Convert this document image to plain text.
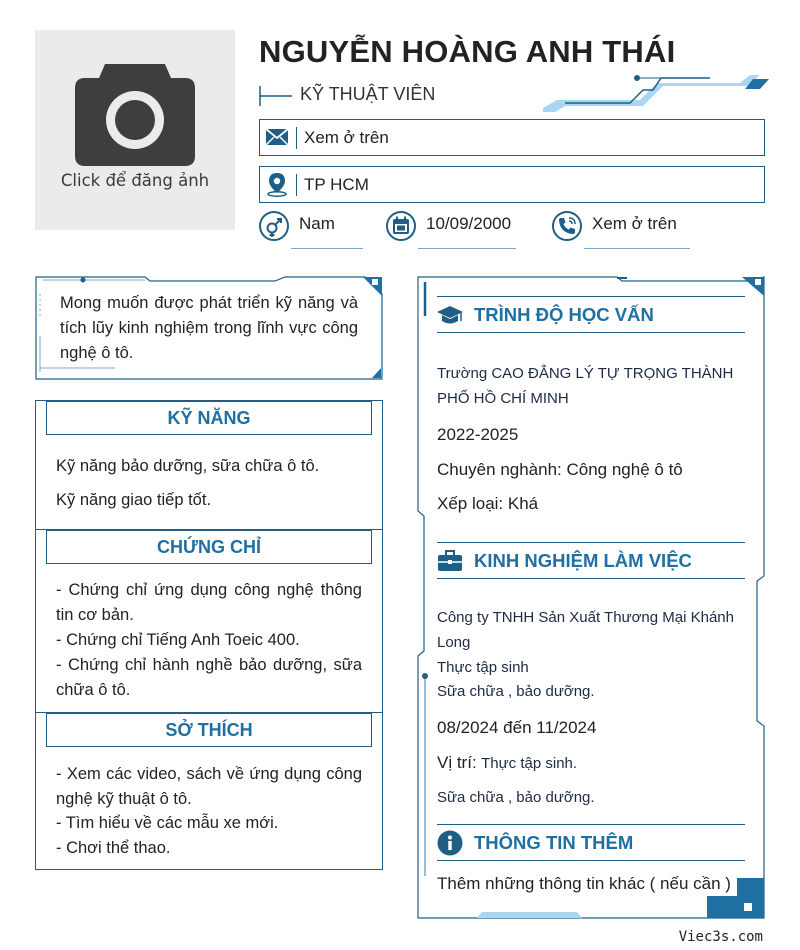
Click để đăng ảnh
NGUYỄN HOÀNG ANH THÁI
KỸ THUẬT VIÊN
Xem ở trên
TP HCM
Nam	10/09/2000	Xem ở trên
Mong muốn được phát triển kỹ năng và tích lũy kinh nghiệm trong lĩnh vực công nghệ ô tô.
KỸ NĂNG
Kỹ năng bảo dưỡng, sữa chữa ô tô.
Kỹ năng giao tiếp tốt.
CHỨNG CHỈ
- Chứng chỉ ứng dụng công nghệ thông tin cơ bản.
- Chứng chỉ Tiếng Anh Toeic 400.
- Chứng chỉ hành nghề bảo dưỡng, sữa chữa ô tô.
SỞ THÍCH
- Xem các video, sách về ứng dụng công nghệ kỹ thuật ô tô.
- Tìm hiểu về các mẫu xe mới.
- Chơi thể thao.
TRÌNH ĐỘ HỌC VẤN
Trường CAO ĐẲNG LÝ TỰ TRỌNG THÀNH PHỐ HỒ CHÍ MINH
2022-2025
Chuyên nghành: Công nghệ ô tô
Xếp loại: Khá
KINH NGHIỆM LÀM VIỆC
Công ty TNHH Sản Xuất Thương Mại Khánh Long
Thực tập sinh
Sữa chữa , bảo dưỡng.
08/2024 đến 11/2024
Vị trí: Thực tập sinh.
Sữa chữa , bảo dưỡng.
THÔNG TIN THÊM
Thêm những thông tin khác ( nếu cần )
Viec3s.com
